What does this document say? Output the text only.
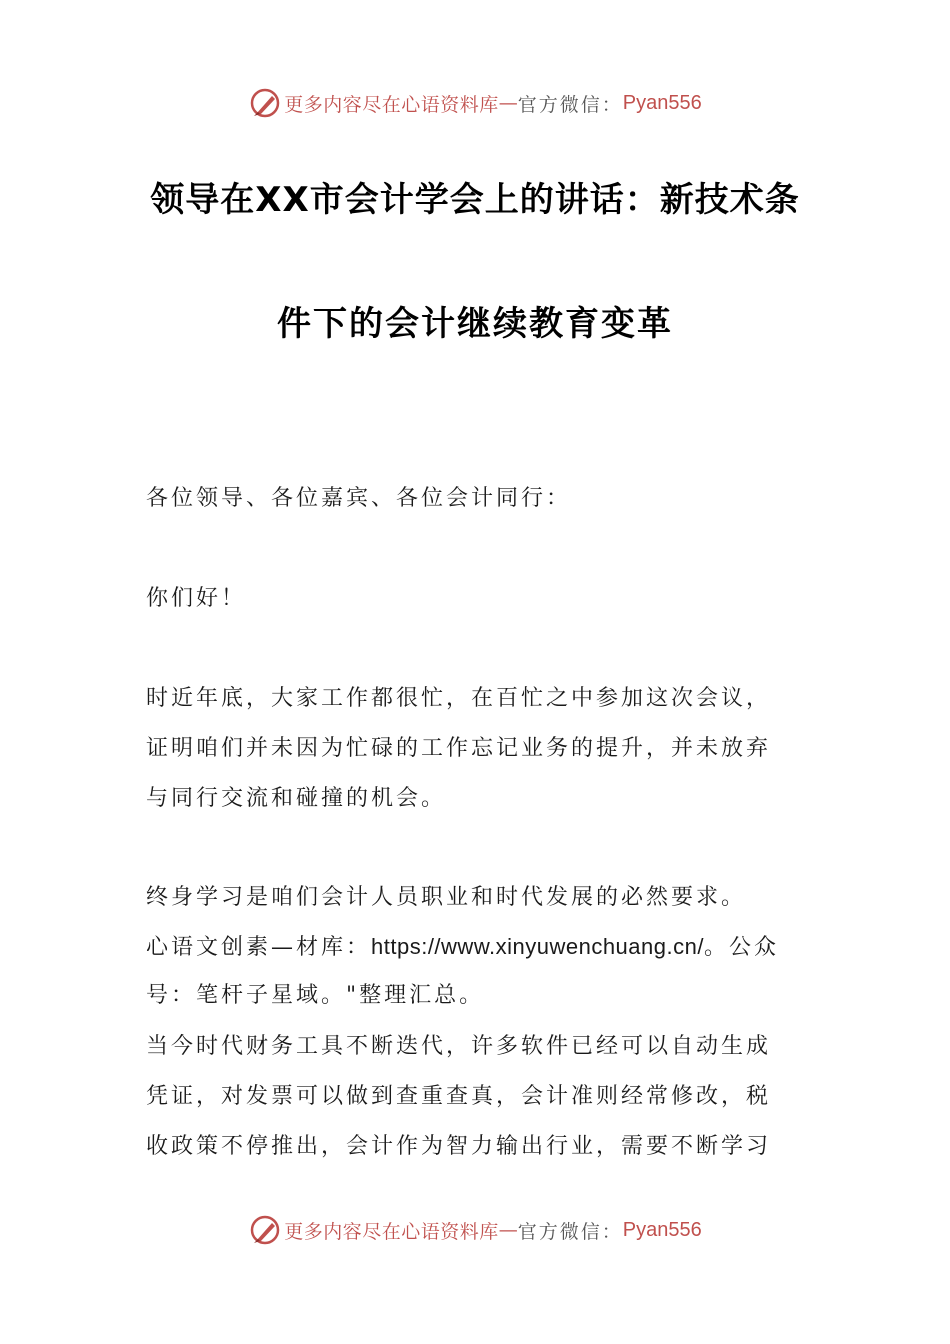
更多内容尽在心语资料库 — 官方微信： Pyan556
领导在XX市会计学会上的讲话：新技术条
件下的会计继续教育变革
各位领导、各位嘉宾、各位会计同行：
你们好！
时近年底，大家工作都很忙，在百忙之中参加这次会议，
证明咱们并未因为忙碌的工作忘记业务的提升，并未放弃
与同行交流和碰撞的机会。
终身学习是咱们会计人员职业和时代发展的必然要求。
心语文创素—材库：https://www.xinyuwenchuang.cn/。公众
号：笔杆子星域。"整理汇总。
当今时代财务工具不断迭代，许多软件已经可以自动生成
凭证，对发票可以做到查重查真，会计准则经常修改，税
收政策不停推出，会计作为智力输出行业，需要不断学习
更多内容尽在心语资料库 — 官方微信： Pyan556
